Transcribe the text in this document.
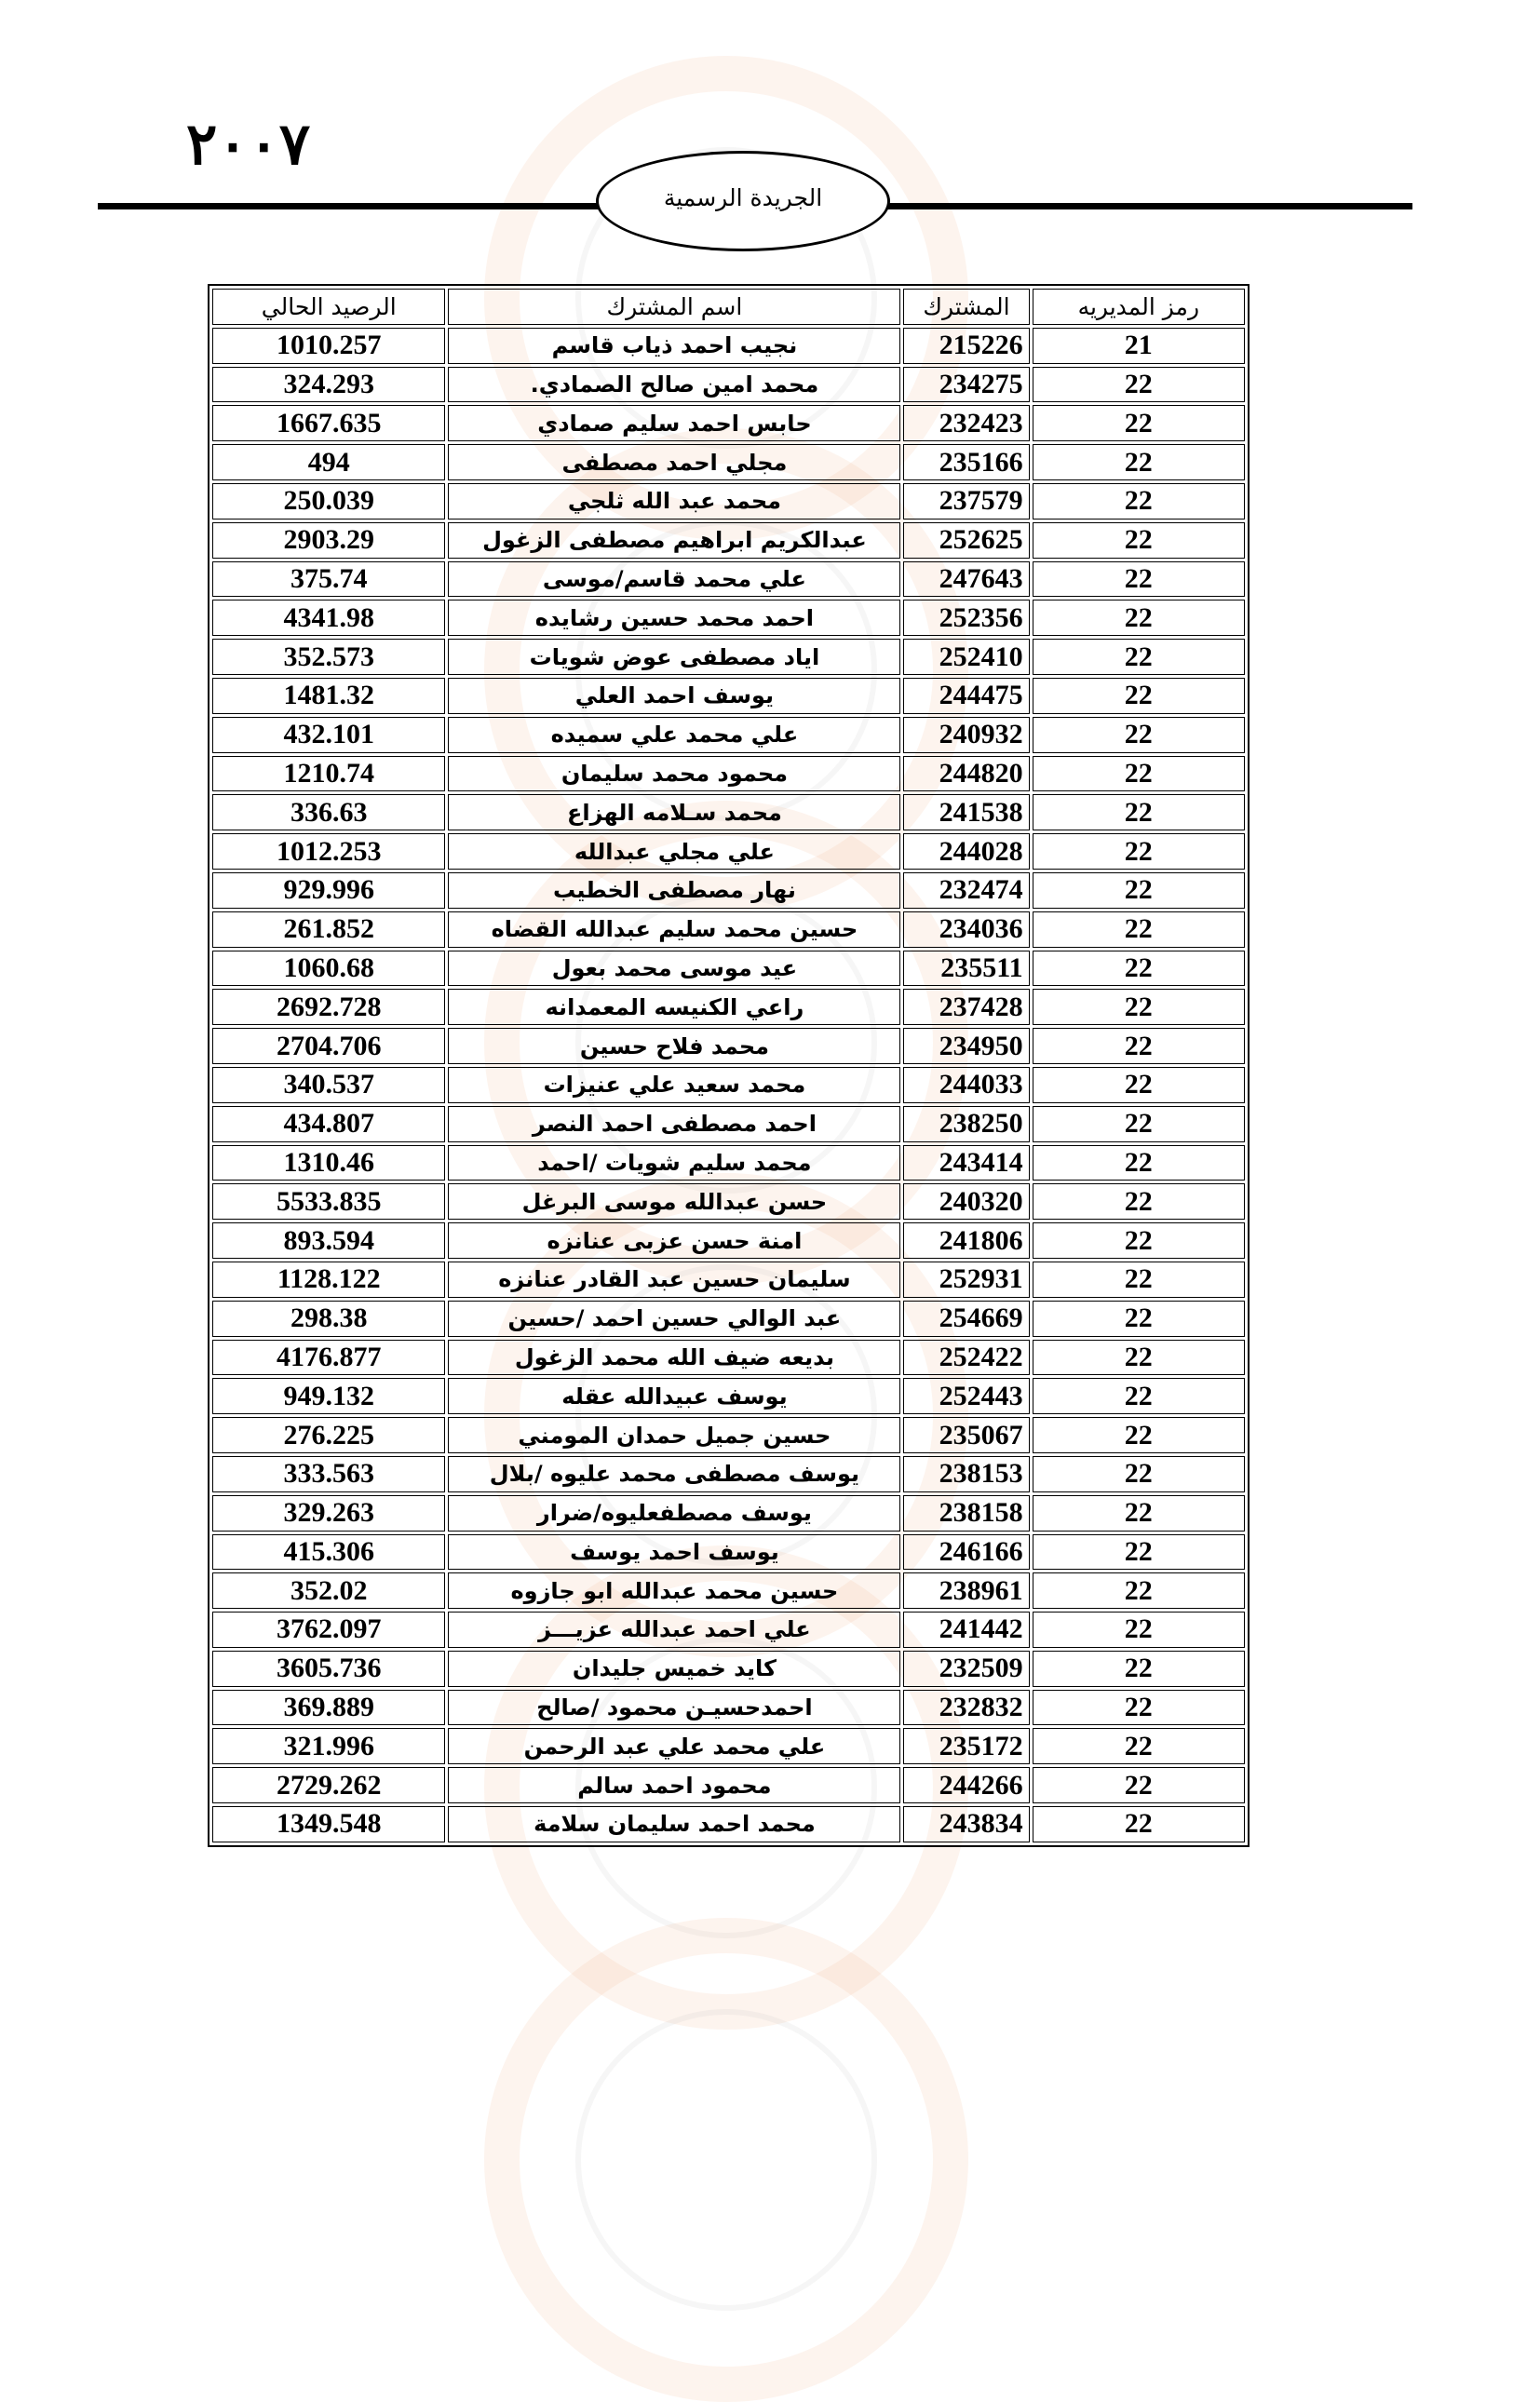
٢٠٠٧
الجريدة الرسمية
رمز المديريه	المشترك	اسم المشترك	الرصيد الحالي
21	215226	نجيب احمد ذياب قاسم	1010.257
22	234275	محمد امين صالح الصمادي.	324.293
22	232423	حابس احمد سليم صمادي	1667.635
22	235166	مجلي احمد مصطفى	494
22	237579	محمد عبد الله ثلجي	250.039
22	252625	عبدالكريم ابراهيم مصطفى الزغول	2903.29
22	247643	علي محمد قاسم/موسى	375.74
22	252356	احمد محمد حسين رشايده	4341.98
22	252410	اياد مصطفى عوض شويات	352.573
22	244475	يوسف احمد العلي	1481.32
22	240932	علي محمد علي سميده	432.101
22	244820	محمود محمد سليمان	1210.74
22	241538	محمد سـلامه الهزاع	336.63
22	244028	علي مجلي عبدالله	1012.253
22	232474	نهار مصطفى الخطيب	929.996
22	234036	حسين محمد سليم عبدالله القضاه	261.852
22	235511	عيد موسى محمد بعول	1060.68
22	237428	راعي الكنيسه المعمدانه	2692.728
22	234950	محمد فلاح حسين	2704.706
22	244033	محمد سعيد علي عنيزات	340.537
22	238250	احمد مصطفى احمد النصر	434.807
22	243414	محمد سليم شويات /احمد	1310.46
22	240320	حسن عبدالله موسى البرغل	5533.835
22	241806	امنة حسن عزبى عنانزه	893.594
22	252931	سليمان حسين عبد القادر عنانزه	1128.122
22	254669	عبد الوالي حسين احمد /حسين	298.38
22	252422	بديعه ضيف الله محمد الزغول	4176.877
22	252443	يوسف عبيدالله عقله	949.132
22	235067	حسين جميل حمدان المومني	276.225
22	238153	يوسف مصطفى محمد عليوه /بلال	333.563
22	238158	يوسف مصطفعليوه/ضرار	329.263
22	246166	يوسف احمد يوسف	415.306
22	238961	حسين محمد عبدالله ابو جازوه	352.02
22	241442	علي احمد عبدالله عزيـــز	3762.097
22	232509	كايد خميس جليدان	3605.736
22	232832	احمدحسيـن محمود /صالح	369.889
22	235172	علي محمد علي عبد الرحمن	321.996
22	244266	محمود احمد سالم	2729.262
22	243834	محمد احمد سليمان سلامة	1349.548
